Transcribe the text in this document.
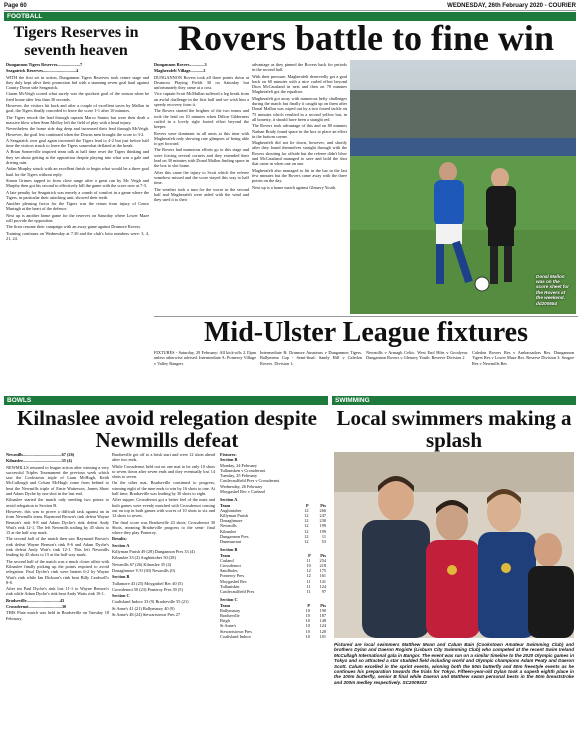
Page 60	WEDNESDAY, 26th February 2020 - COURIER
FOOTBALL
Tigers Reserves in seventh heaven

Dungannon Tigers Reserves.....................7

Seagatrick Reserves...............................4

WITH the first set in action, Dungannon Tigers Reserves took centre stage and they duly kept alive their promotion bid with a stunning seven goal haul against County Down side Seagatrick.

Ciaran McVeigh scored what surely was the quickest goal of the season when he fired home after less than 30 seconds.

However, the visitors hit back and after a couple of excellent saves by Mallon in goal, the Tigers finally conceded to leave the score 1-1 after 10 minutes.

The Tigers retook the lead through captain Marco Santos but were then dealt a massive blow when Sean Molloy left the field of play with a head injury.

Nevertheless the home side dug deep and increased their lead through McVeigh. However, the goal fest continued when the Downs men brought the score to 3-2.

A Seagatrick own goal again increased the Tigers lead to 4-2 but just before half time the visitors struck to leave the Tigers somewhat deflated at the break.

A Brian Somerville inspired team talk at half time reset the Tigers thinking and they set about getting at the opposition despite playing into what was a gale and driving rain.

Aidan Murphy struck with an excellent finish to begin what would be a three goal haul for the Tigers without reply.

Simon Grimes tapped in from close range after a great run by Mc Veigh and Murphy then got his second to effectively kill the game with the score now at 7-3.

A late penalty for Seagatrick was merely a crumb of comfort in a game where the Tigers, in particular their attacking unit, showed their teeth.

Another pleasing factor for the Tigers was the return from injury of Conor Murtagh at the heart of the defence.

Next up is another home game for the reserves on Saturday where Lower Maze will provide the opposition.

The firsts resume their campaign with an away game against Drumore Rovers.

Training continues on Wednesday at 7.30 and the club's lotto numbers were: 3, 4, 21, 24.

Rovers battle to fine win

Dungannon Rovers..............3

Magherafelt Village............2

DUNGANNON Rovers took all three points down at Drumcoo Playing Fields 30 on Saturday but unfortunately they came at a cost.

Vice captain Scott McMullan suffered a leg break from an awful challenge in the first half and we wish him a speedy recovery from it.

The Rovers started the brighter of the two teams and took the lead on 10 minutes when Dillon Gilderness curled in a lovely right footed effort beyond the keeper.

Rovers were dominant in all areas at this time with Magherafelt only showing rare glimpses of being able to get forward.

The Rovers had numerous efforts go to this stage and were forcing several corners and they extended their lead on 30 minutes with Donal Mallon finding space in the box to slot home.

After this came the injury to Scott which the referee somehow missed and the score stayed this way to half time.

The weather took a turn for the worse in the second half and Magherafelt were aided with the wind and they used it to their

advantage as they pinned the Rovers back for periods in the second half.

With their pressure, Magherafelt deservedly got a goal back on 60 minutes with a nice curled effort beyond Dion McCausland in nets and then on 70 minutes Magherafelt got the equaliser.

Magherafelt got away with numerous hefty challenges during the match but finally it caught up on them after Donal Mallon was wiped out by a two footed tackle on 75 minutes which resulted in a second yellow but, in all honesty, it should have been a straight red.

The Rovers took advantage of this and on 80 minutes Nathan Brady found space in the box to place an effort in the bottom corner.

Magherafelt did not lie down, however, and shortly after they found themselves straight through with the Rovers shouting for offside but the referee didn't blow and McCausland managed to save and hold the shot that came in when one on one.

Magherafelt also managed to hit in the bar in the last few minutes but the Rovers came away with the three points on the day.

Next up is a home match against Glenavy Youth.

Donal Mallon was on the score sheet for the Rovers at the weekend. dd200554
Mid-Ulster League fixtures
FIXTURES - Saturday, 29 February: All kick-offs 2.15pm unless otherwise advised. Intermediate A: Pomeroy Village v Valley Rangers
Intermediate B: Drumore Amateurs v Dungannon Tigers. Ballymena Cup - Semi-final: Sandy Hill v Caledon Rovers. Division 1:
Newmills v Armagh Celtic. West End Hibs v Goodyear. Dungannon Rovers v Glenavy Youth. Reserve Division 2
Caledon Rovers Res v Ambassadors Res. Dungannon Tigers Res v Lower Maze Res. Reserve Division 3: Seagoe Res v Newmills Res
BOWLS
Kilnaslee avoid relegation despite Newmills defeat

Newmills....................................67 (26)

Kilnaslee....................................35 (4)

NEWMILLS returned to league action after winning a very successful Triples Tournament the previous week which saw the Cookstown triple of Liam McHugh, Keith McCullough and Colum McHugh come from behind to beat the Newmills triple of Ernie Watterson, James Shaw and Adam Dyche by one shot in the last end.

Kilnaslee started the match only needing two points to avoid relegation to Section B.

However, this was to prove a difficult task against an in form Newmills team. Raymond Brown's rink defeat Wayne Benson's rink 8-8 and Adam Dyche's rink defeat Andy Watt's rink 12-1. The left Newmills trailing by 45 shots to 15 at the half way mark.

The second half of the match then saw Raymond Brown's rink defeat Wayne Benson's rink 8-6 and Adam Dyche's rink defeat Andy Watt's rink 12-1. This left Newmills leading by 45 shots to 15 at the half way mark.

The second half of the match was a much closer affair with Kilnaslee finally picking up the points required to avoid relegation. Paul Dyche's rink were beaten 6-2 by Wayne Watt's rink while Ian Dickson's rink beat Billy Cardwell's 8-8.

After tea Paul Dyche's rink lost 11-1 to Wayne Benson's rink while Adam Dyche's rink beat Andy Watts rink 10-1.

Bradseville...............................43

Crossdernot...............................30

THIS Plate match was held in Bradseville on Tuesday 18 February.

Bradseville got off to a brisk start and were 12 shots ahead after two ends.

While Crossdernot held out on one mat to be only 10 shots to seven down after seven ends and they eventually lost 14 shots to seven.

On the other mat, Bradseville continued to progress, winning eight of the nine ends to win by 16 shots to one. At half time, Bradseville was leading by 30 shots to eight.

After supper, Crossdernot got a better feel of the mats and both games were evenly matched with Crossdernot coming out on top in both games with scores of 10 shots to six and 12 shots to seven.

The final score was Bradseville 43 shots; Crossdernot 30 Shots, meaning Bradseville progress to the semi- final where they play Pomeroy.

Results:

Section A

Killyman Parish 49 (28) Dungannon Pres 33 (4)

Kilnaslee 33 (2) Aughintober 50 (28)

Newmills 67 (26) Kilnaslee 35 (4)

Donaghmore V/O (30) Newmills (0)

Section B

Tullamore 43 (25) Moygashel Rec 40 (5)

Crossdernot 50 (23) Pomeroy Pres 39 (5)

Section C

Coalisland Indoor 33 (9) Bradseville 55 (21)

St Anne's 41 (21) Ballymaury 40 (9)

St Anne's 48 (24) Stewartstown Pres 27

Fixtures:
Section B
Monday, 24 February
Tullanisken v Crossdernot
Tuesday, 25 February
Castlecaulfield Pres v Crossdernot
Wednesday, 26 February
Moygashel Rec v Carland
Section A
Team	P	Pts
Aughintober	12	266
Killyman Parish	12	247
Donaghmore	12	230
Newmills	12	199
Kilnaslee	12	199
Dungannon Pres	12	11
Dunmurraut	12	53
Section B
Team	P	Pts
Carland	11	254
Crossdernot	10	218
Sandholes	12	175
Pomeroy Pres	12	161
Moygashel Rec	11	141
Tullaniskin	11	124
Castlecaulfield Pres	11	97
Section C
Team	P	Pts
Ballymaury	10	190
Bradseville	10	187
Brigh	10	148
St Anne's	10	124
Stewartstown Pres	10	120
Coalisland Indoor	10	101
SWIMMING
Local swimmers making a splash
Pictured are local swimmers Matthew Moan and Calum Bain (Cookstown Amateur Swimming Club) and brothers Dylan and Daeron Rogiste (Lisburn City Swimming Club) who competed at the recent Swim Ireland McCullagh International gala in Bangor. The event was run on a similar timeline to the 2020 Olympic games in Tokyo and so attracted a star studded field including world and Olympic champions Adam Peaty and Daeron Scott. Calum excelled in the sprint events, winning both the 50m butterfly and 50m freestyle events as he continues his preparation towards the trials for Tokyo. Fifteen-year-old Dylan took a superb eighth place in the 100m butterfly, senior B final while Daeron and Matthew swam personal bests in the 50m breaststroke and 200m medley respectively. SC2009322
